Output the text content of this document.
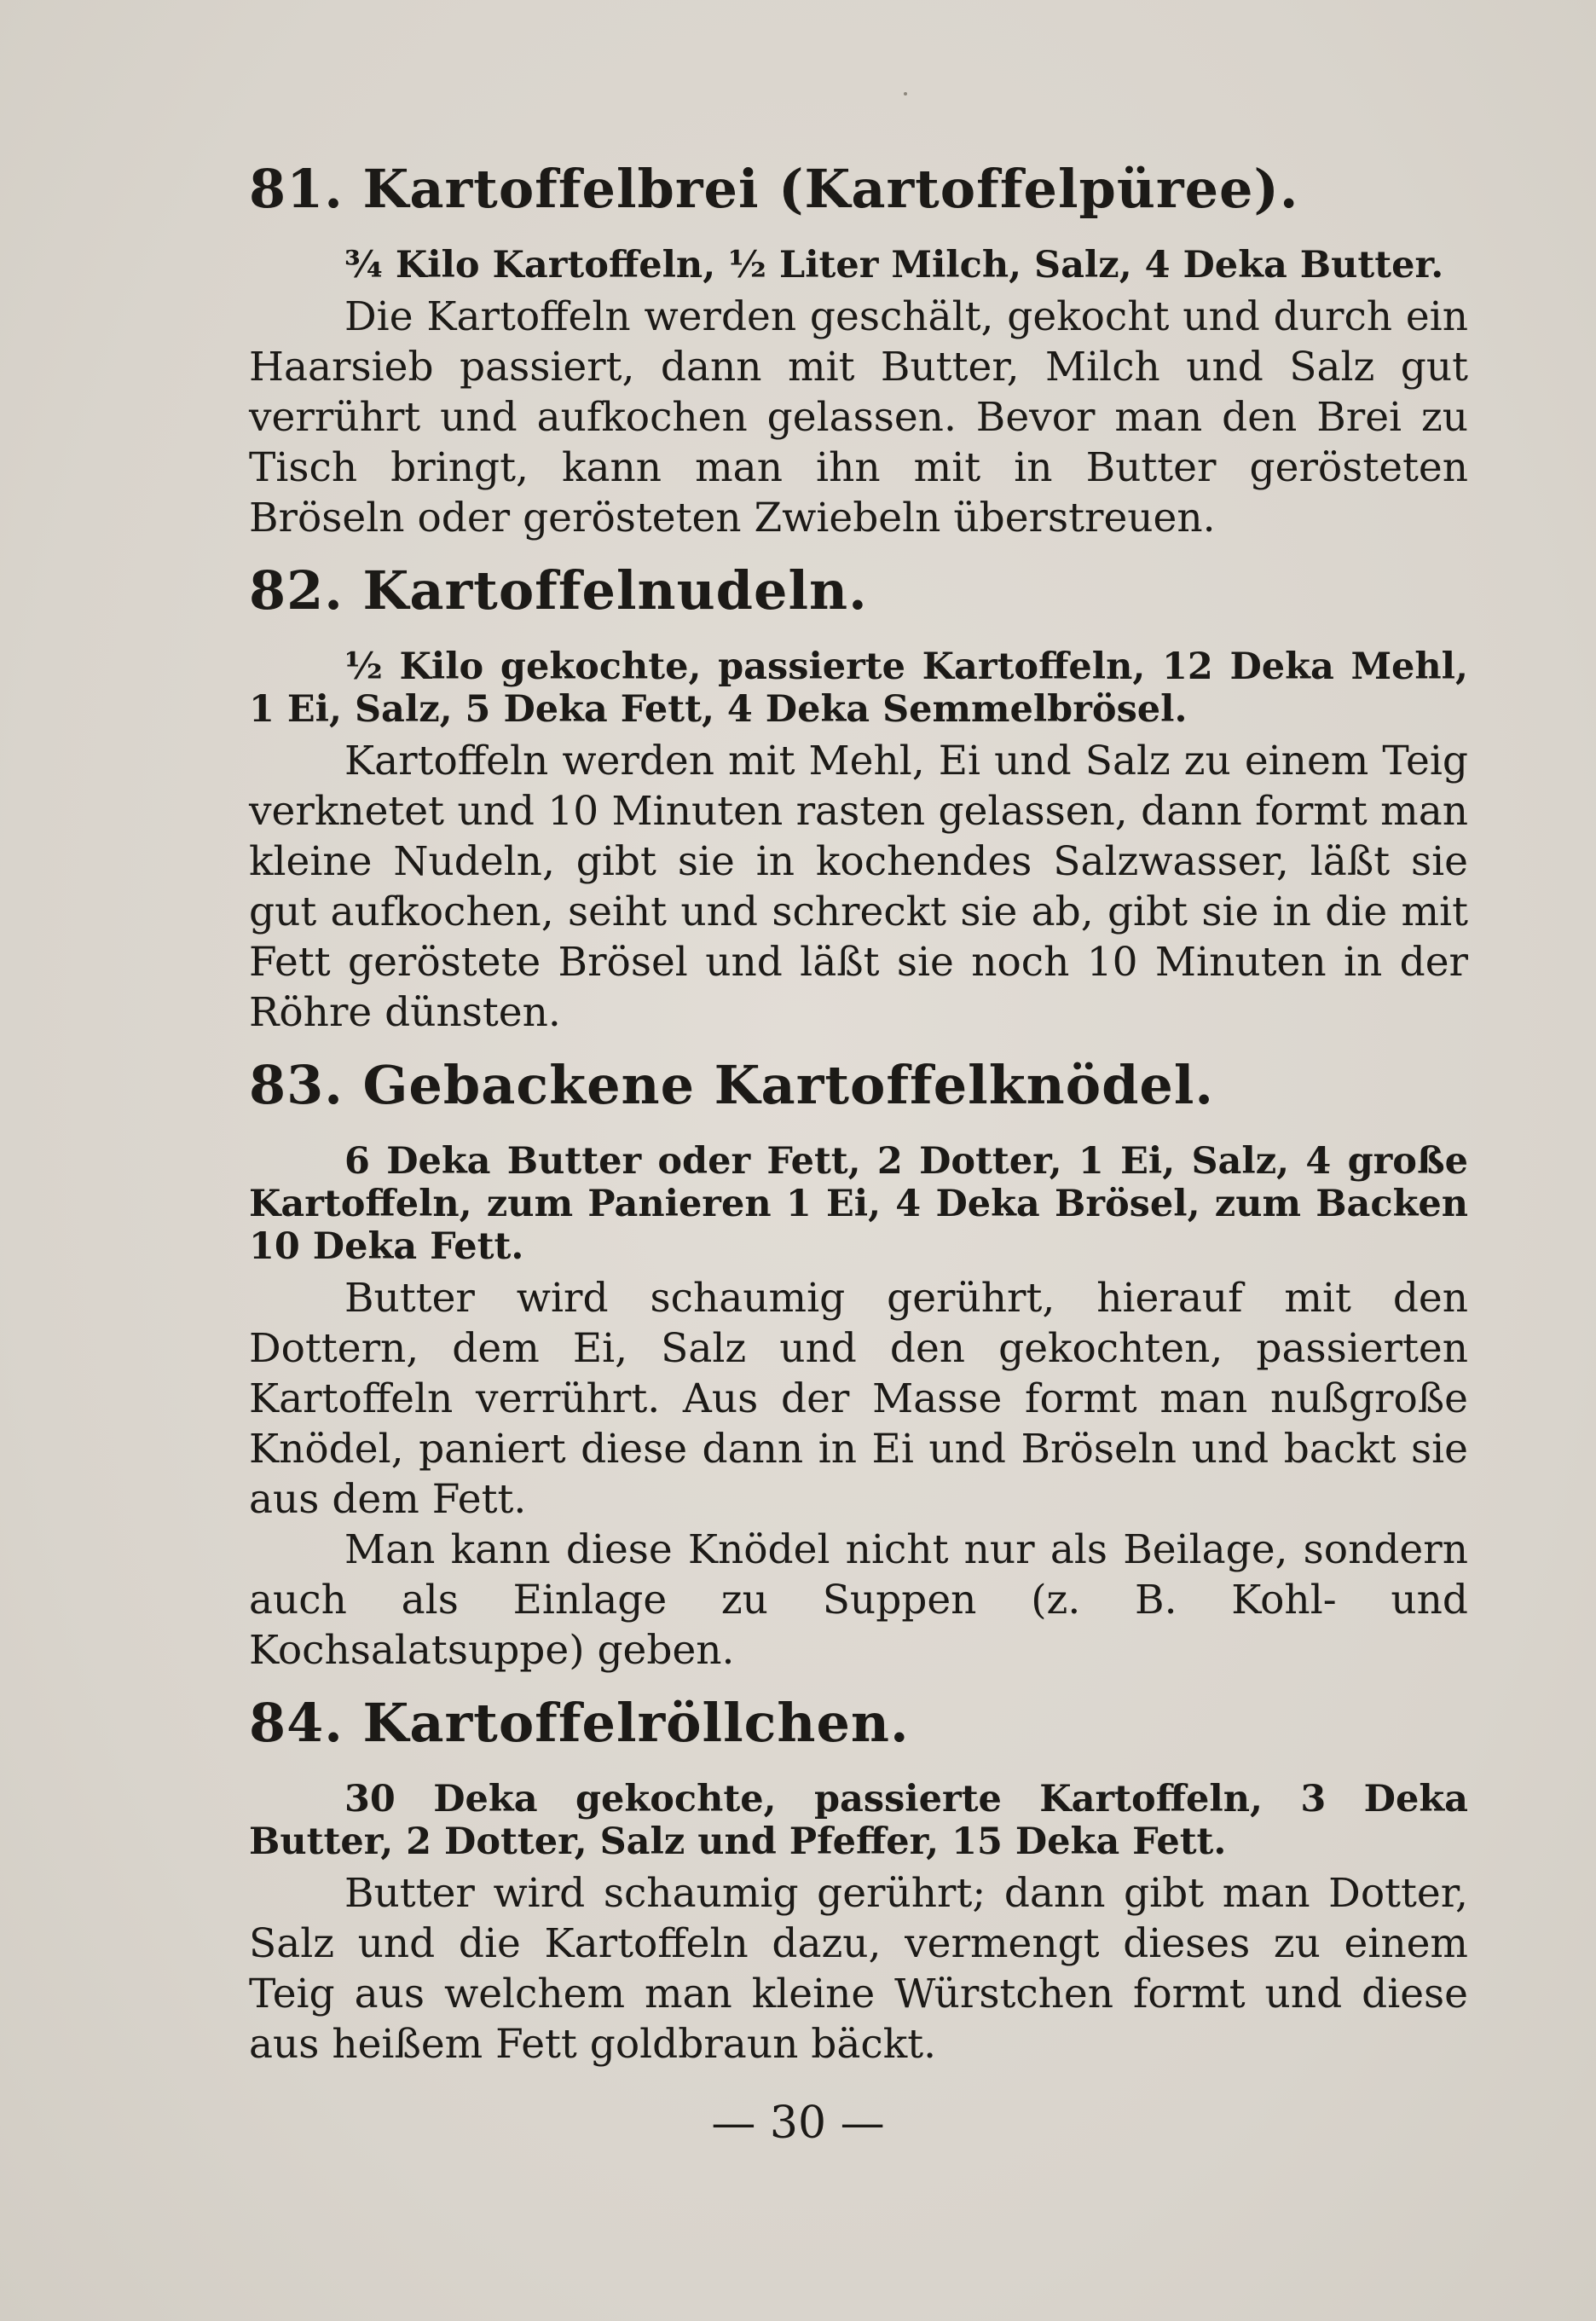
81. Kartoffelbrei (Kartoffelpüree).

¾ Kilo Kartoffeln, ½ Liter Milch, Salz, 4 Deka Butter.

Die Kartoffeln werden geschält, gekocht und durch ein Haarsieb passiert, dann mit Butter, Milch und Salz gut verrührt und aufkochen gelassen. Bevor man den Brei zu Tisch bringt, kann man ihn mit in Butter gerösteten Bröseln oder gerösteten Zwiebeln überstreuen.

82. Kartoffelnudeln.

½ Kilo gekochte, passierte Kartoffeln, 12 Deka Mehl, 1 Ei, Salz, 5 Deka Fett, 4 Deka Semmelbrösel.

Kartoffeln werden mit Mehl, Ei und Salz zu einem Teig verknetet und 10 Minuten rasten gelassen, dann formt man kleine Nudeln, gibt sie in kochendes Salzwasser, läßt sie gut aufkochen, seiht und schreckt sie ab, gibt sie in die mit Fett geröstete Brösel und läßt sie noch 10 Minuten in der Röhre dünsten.

83. Gebackene Kartoffelknödel.

6 Deka Butter oder Fett, 2 Dotter, 1 Ei, Salz, 4 große Kartoffeln, zum Panieren 1 Ei, 4 Deka Brösel, zum Backen 10 Deka Fett.

Butter wird schaumig gerührt, hierauf mit den Dottern, dem Ei, Salz und den gekochten, passierten Kartoffeln verrührt. Aus der Masse formt man nußgroße Knödel, paniert diese dann in Ei und Bröseln und backt sie aus dem Fett.

Man kann diese Knödel nicht nur als Beilage, sondern auch als Einlage zu Suppen (z. B. Kohl- und Kochsalatsuppe) geben.

84. Kartoffelröllchen.

30 Deka gekochte, passierte Kartoffeln, 3 Deka Butter, 2 Dotter, Salz und Pfeffer, 15 Deka Fett.

Butter wird schaumig gerührt; dann gibt man Dotter, Salz und die Kartoffeln dazu, vermengt dieses zu einem Teig aus welchem man kleine Würstchen formt und diese aus heißem Fett goldbraun bäckt.

— 30 —
